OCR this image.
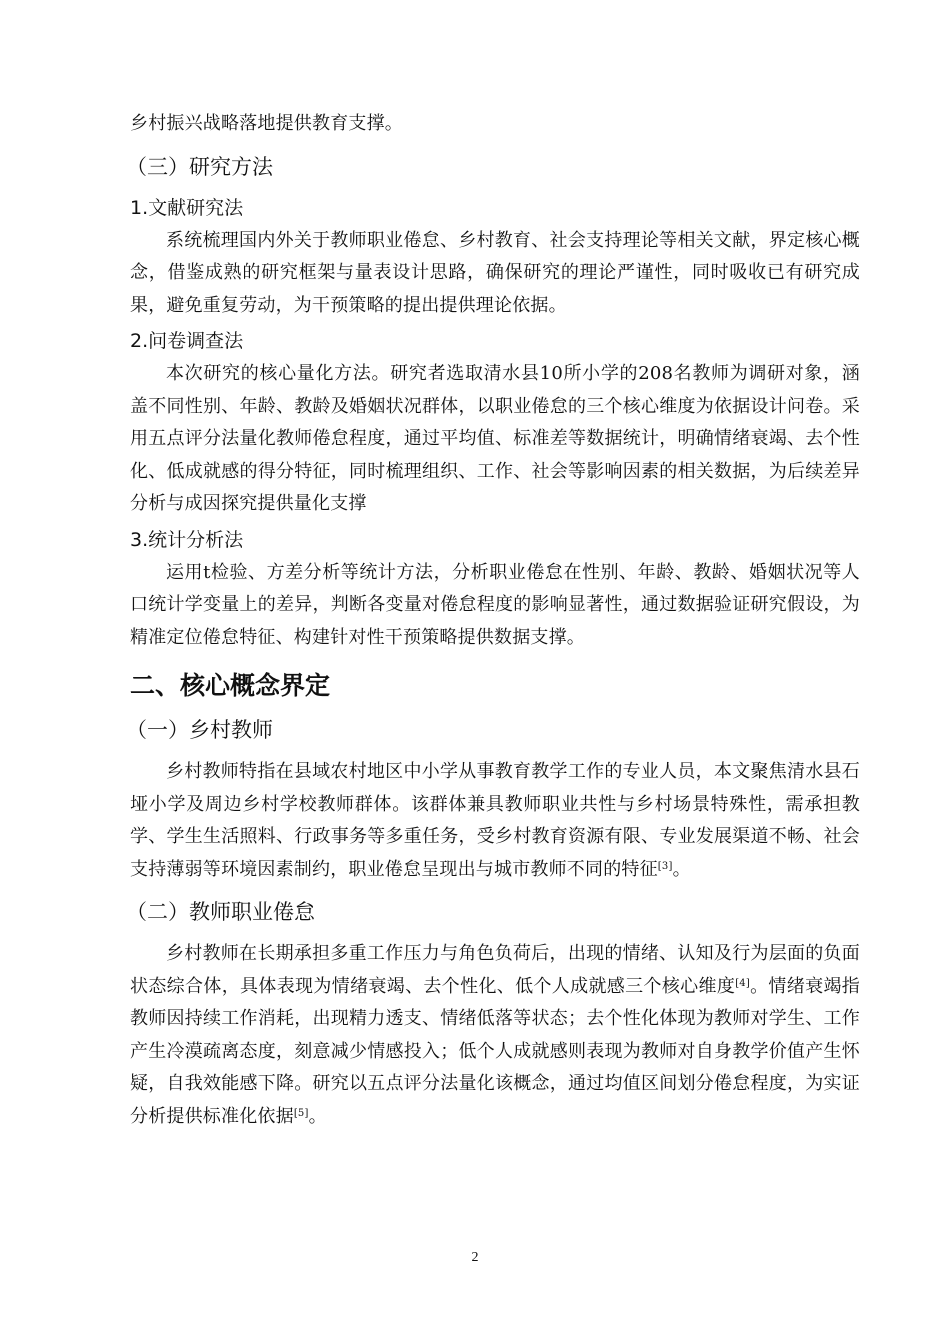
乡村振兴战略落地提供教育支撑。

（三）研究方法

1.文献研究法

系统梳理国内外关于教师职业倦怠、乡村教育、社会支持理论等相关文献，界定核心概念，借鉴成熟的研究框架与量表设计思路，确保研究的理论严谨性，同时吸收已有研究成果，避免重复劳动，为干预策略的提出提供理论依据。

2.问卷调查法

本次研究的核心量化方法。研究者选取清水县10所小学的208名教师为调研对象，涵盖不同性别、年龄、教龄及婚姻状况群体，以职业倦怠的三个核心维度为依据设计问卷。采用五点评分法量化教师倦怠程度，通过平均值、标准差等数据统计，明确情绪衰竭、去个性化、低成就感的得分特征，同时梳理组织、工作、社会等影响因素的相关数据，为后续差异分析与成因探究提供量化支撑

3.统计分析法

运用t检验、方差分析等统计方法，分析职业倦怠在性别、年龄、教龄、婚姻状况等人口统计学变量上的差异，判断各变量对倦怠程度的影响显著性，通过数据验证研究假设，为精准定位倦怠特征、构建针对性干预策略提供数据支撑。

二、核心概念界定

（一）乡村教师

乡村教师特指在县域农村地区中小学从事教育教学工作的专业人员，本文聚焦清水县石垭小学及周边乡村学校教师群体。该群体兼具教师职业共性与乡村场景特殊性，需承担教学、学生生活照料、行政事务等多重任务，受乡村教育资源有限、专业发展渠道不畅、社会支持薄弱等环境因素制约，职业倦怠呈现出与城市教师不同的特征[3]。

（二）教师职业倦怠

乡村教师在长期承担多重工作压力与角色负荷后，出现的情绪、认知及行为层面的负面状态综合体，具体表现为情绪衰竭、去个性化、低个人成就感三个核心维度[4]。情绪衰竭指教师因持续工作消耗，出现精力透支、情绪低落等状态；去个性化体现为教师对学生、工作产生冷漠疏离态度，刻意减少情感投入；低个人成就感则表现为教师对自身教学价值产生怀疑，自我效能感下降。研究以五点评分法量化该概念，通过均值区间划分倦怠程度，为实证分析提供标准化依据[5]。

2
